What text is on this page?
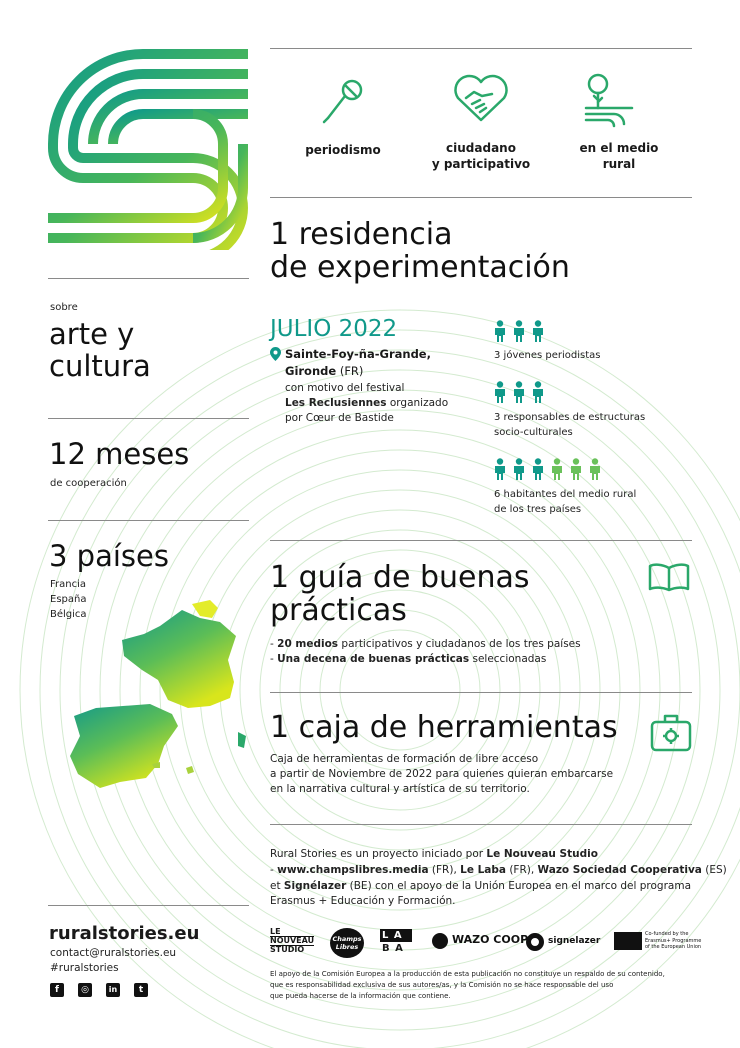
periodismo	ciudadano
y participativo
en el medio
rural
sobre
arte y
cultura
12 meses
de cooperación
3 países
Francia
España
Bélgica
1 residencia
de experimentación
JULIO 2022
Sainte-Foy-ña-Grande,
Gironde (FR)
con motivo del festival
Les Reclusiennes organizado
por Cœur de Bastide
3 jóvenes periodistas
3 responsables de estructuras
socio-culturales
6 habitantes del medio rural
de los tres países
1 guía de buenas
prácticas
- 20 medios participativos y ciudadanos de los tres países
- Una decena de buenas prácticas seleccionadas
1 caja de herramientas
Caja de herramientas de formación de libre acceso
a partir de Noviembre de 2022 para quienes quieran embarcarse
en la narrativa cultural y artística de su territorio.
Rural Stories es un proyecto iniciado por Le Nouveau Studio
- www.champslibres.media (FR), Le Laba (FR), Wazo Sociedad Cooperativa (ES)
et Signélazer (BE) con el apoyo de la Unión Europea en el marco del programa
Erasmus + Educación y Formación.
ruralstories.eu
contact@ruralstories.eu
#ruralstories
f	◎	in	t
LE
NOUVEAU
STUDIO
Champs Libres
L A
B A
WAZO COOP signelazer
Co-funded by the
Erasmus+ Programme
of the European Union
El apoyo de la Comisión Europea a la producción de esta publicación no constituye un respaldo de su contenido,
que es responsabilidad exclusiva de sus autores/as, y la Comisión no se hace responsable del uso
que pueda hacerse de la información que contiene.
